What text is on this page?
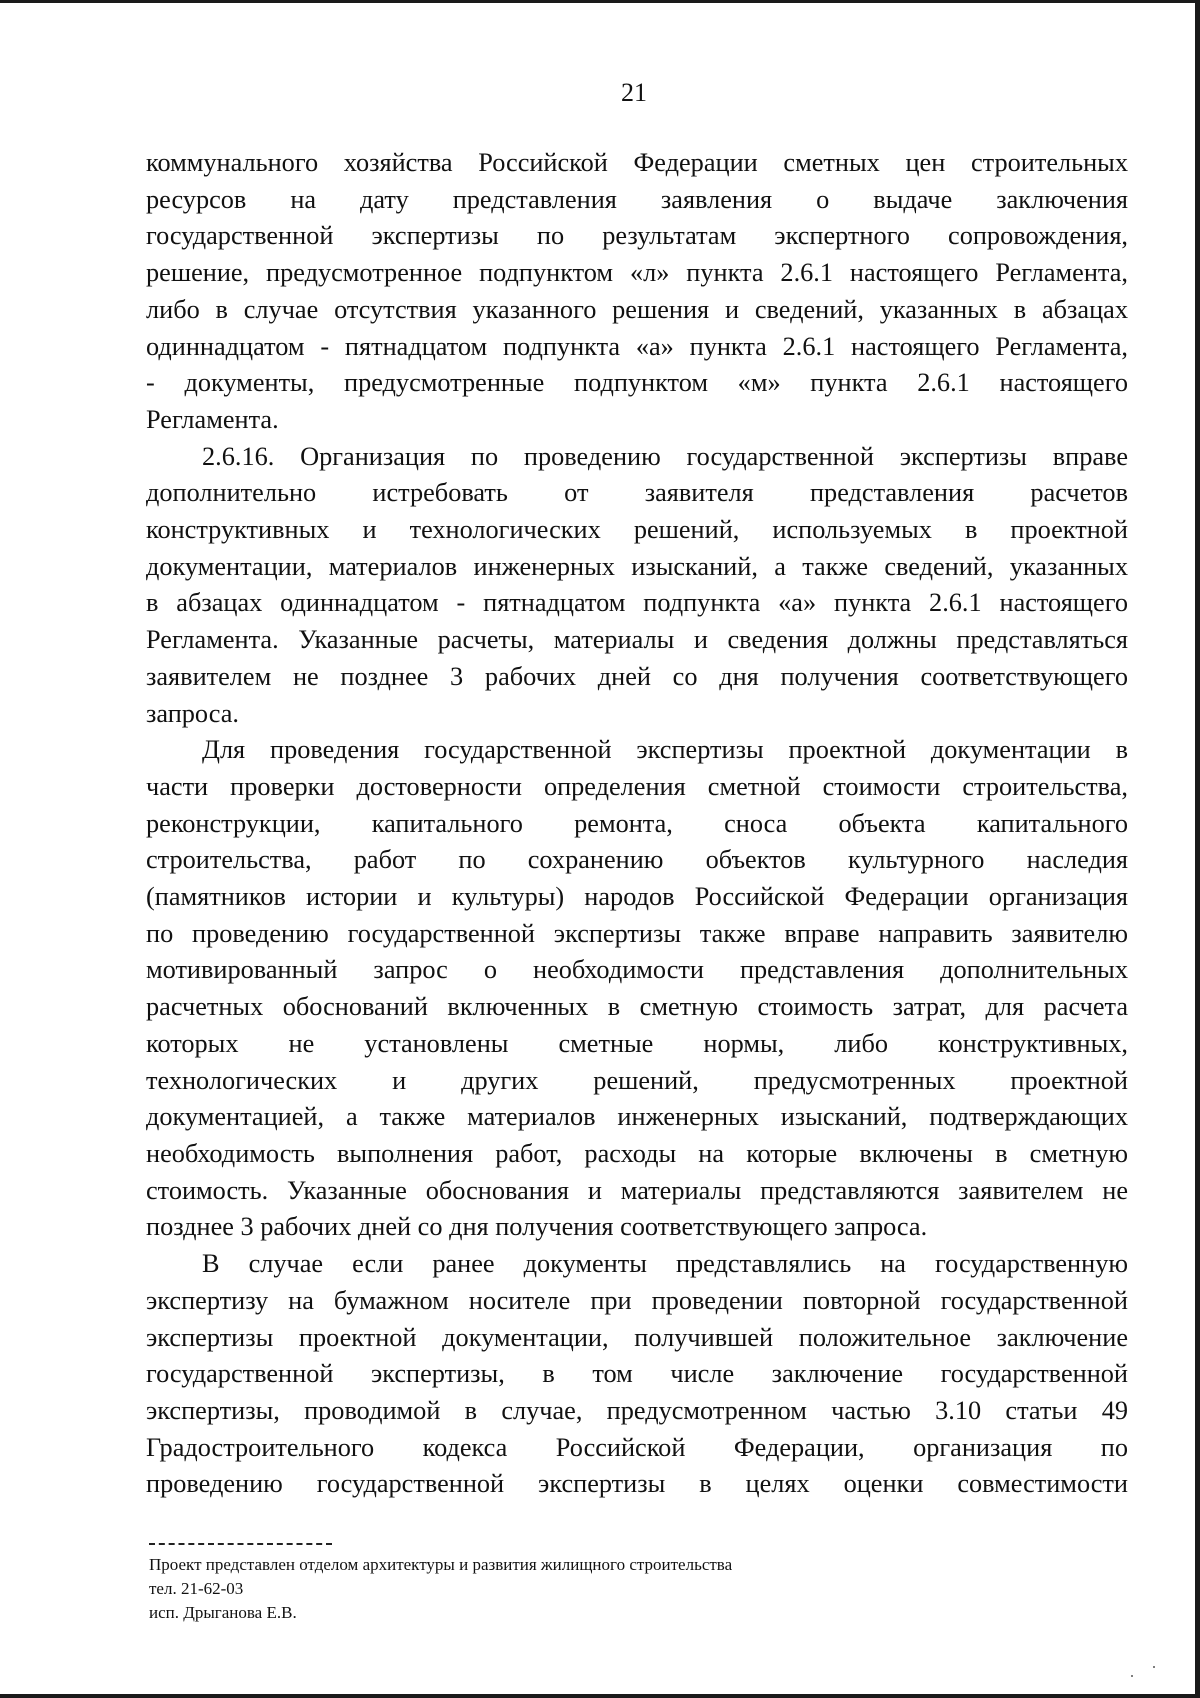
21
коммунального хозяйства Российской Федерации сметных цен строительных
ресурсов на дату представления заявления о выдаче заключения
государственной экспертизы по результатам экспертного сопровождения,
решение, предусмотренное подпунктом «л» пункта 2.6.1 настоящего Регламента,
либо в случае отсутствия указанного решения и сведений, указанных в абзацах
одиннадцатом - пятнадцатом подпункта «а» пункта 2.6.1 настоящего Регламента,
- документы, предусмотренные подпунктом «м» пункта 2.6.1 настоящего
Регламента.
2.6.16. Организация по проведению государственной экспертизы вправе
дополнительно истребовать от заявителя представления расчетов
конструктивных и технологических решений, используемых в проектной
документации, материалов инженерных изысканий, а также сведений, указанных
в абзацах одиннадцатом - пятнадцатом подпункта «а» пункта 2.6.1 настоящего
Регламента. Указанные расчеты, материалы и сведения должны представляться
заявителем не позднее 3 рабочих дней со дня получения соответствующего
запроса.
Для проведения государственной экспертизы проектной документации в
части проверки достоверности определения сметной стоимости строительства,
реконструкции, капитального ремонта, сноса объекта капитального
строительства, работ по сохранению объектов культурного наследия
(памятников истории и культуры) народов Российской Федерации организация
по проведению государственной экспертизы также вправе направить заявителю
мотивированный запрос о необходимости представления дополнительных
расчетных обоснований включенных в сметную стоимость затрат, для расчета
которых не установлены сметные нормы, либо конструктивных,
технологических и других решений, предусмотренных проектной
документацией, а также материалов инженерных изысканий, подтверждающих
необходимость выполнения работ, расходы на которые включены в сметную
стоимость. Указанные обоснования и материалы представляются заявителем не
позднее 3 рабочих дней со дня получения соответствующего запроса.
В случае если ранее документы представлялись на государственную
экспертизу на бумажном носителе при проведении повторной государственной
экспертизы проектной документации, получившей положительное заключение
государственной экспертизы, в том числе заключение государственной
экспертизы, проводимой в случае, предусмотренном частью 3.10 статьи 49
Градостроительного кодекса Российской Федерации, организация по
проведению государственной экспертизы в целях оценки совместимости
Проект представлен отделом архитектуры и развития жилищного строительства
тел. 21-62-03
исп. Дрыганова Е.В.
